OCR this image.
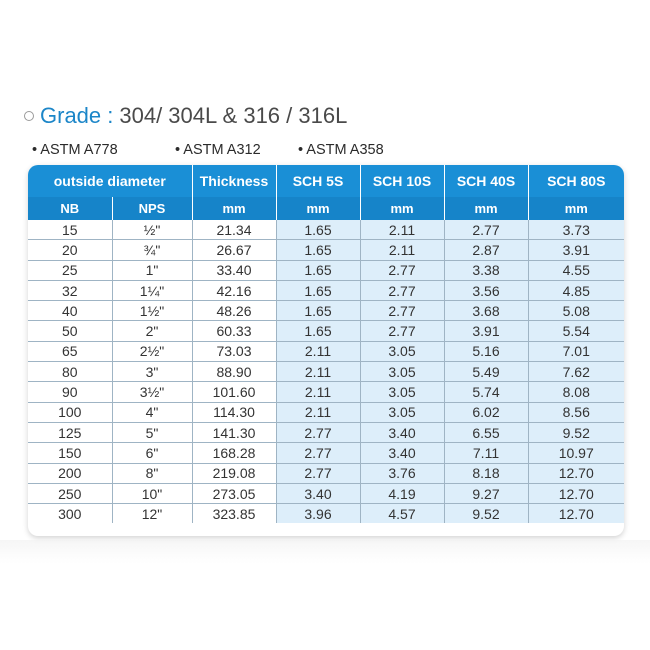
Grade : 304/ 304L & 316 / 316L
• ASTM A778	• ASTM A312	• ASTM A358
outside diameter		Thickness	SCH 5S	SCH 10S	SCH 40S	SCH 80S
NB	NPS	mm	mm	mm	mm	mm
15	½"	21.34	1.65	2.11	2.77	3.73
20	¾"	26.67	1.65	2.11	2.87	3.91
25	1"	33.40	1.65	2.77	3.38	4.55
32	1¼"	42.16	1.65	2.77	3.56	4.85
40	1½"	48.26	1.65	2.77	3.68	5.08
50	2"	60.33	1.65	2.77	3.91	5.54
65	2½"	73.03	2.11	3.05	5.16	7.01
80	3"	88.90	2.11	3.05	5.49	7.62
90	3½"	101.60	2.11	3.05	5.74	8.08
100	4"	114.30	2.11	3.05	6.02	8.56
125	5"	141.30	2.77	3.40	6.55	9.52
150	6"	168.28	2.77	3.40	7.11	10.97
200	8"	219.08	2.77	3.76	8.18	12.70
250	10"	273.05	3.40	4.19	9.27	12.70
300	12"	323.85	3.96	4.57	9.52	12.70
